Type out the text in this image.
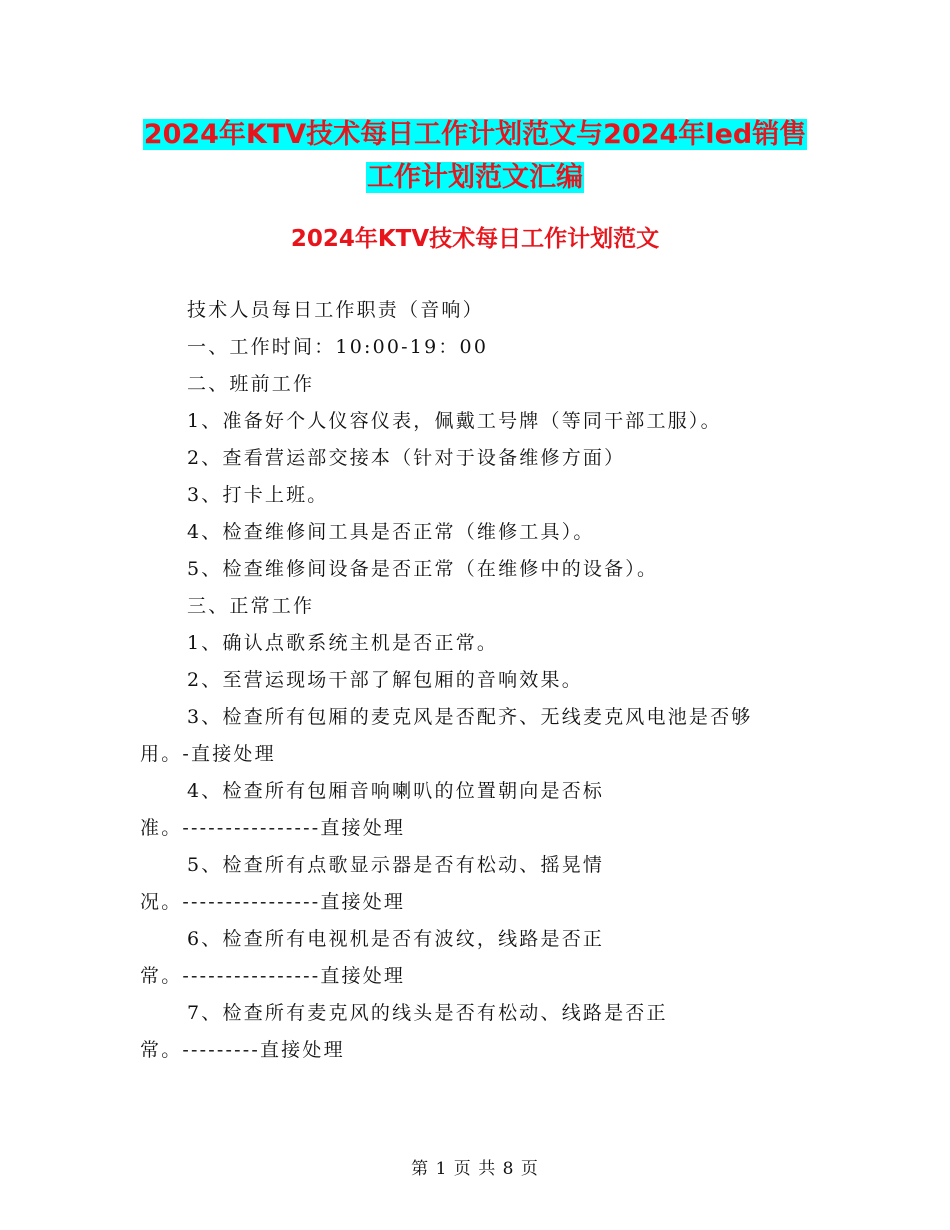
2024年KTV技术每日工作计划范文与2024年led销售
工作计划范文汇编
2024年KTV技术每日工作计划范文
技术人员每日工作职责（音响）
一、工作时间：10:00-19：00
二、班前工作
1、准备好个人仪容仪表，佩戴工号牌（等同干部工服）。
2、查看营运部交接本（针对于设备维修方面）
3、打卡上班。
4、检查维修间工具是否正常（维修工具）。
5、检查维修间设备是否正常（在维修中的设备）。
三、正常工作
1、确认点歌系统主机是否正常。
2、至营运现场干部了解包厢的音响效果。
3、检查所有包厢的麦克风是否配齐、无线麦克风电池是否够
用。-直接处理
4、检查所有包厢音响喇叭的位置朝向是否标
准。----------------直接处理
5、检查所有点歌显示器是否有松动、摇晃情
况。----------------直接处理
6、检查所有电视机是否有波纹，线路是否正
常。----------------直接处理
7、检查所有麦克风的线头是否有松动、线路是否正
常。---------直接处理
第 1 页 共 8 页
